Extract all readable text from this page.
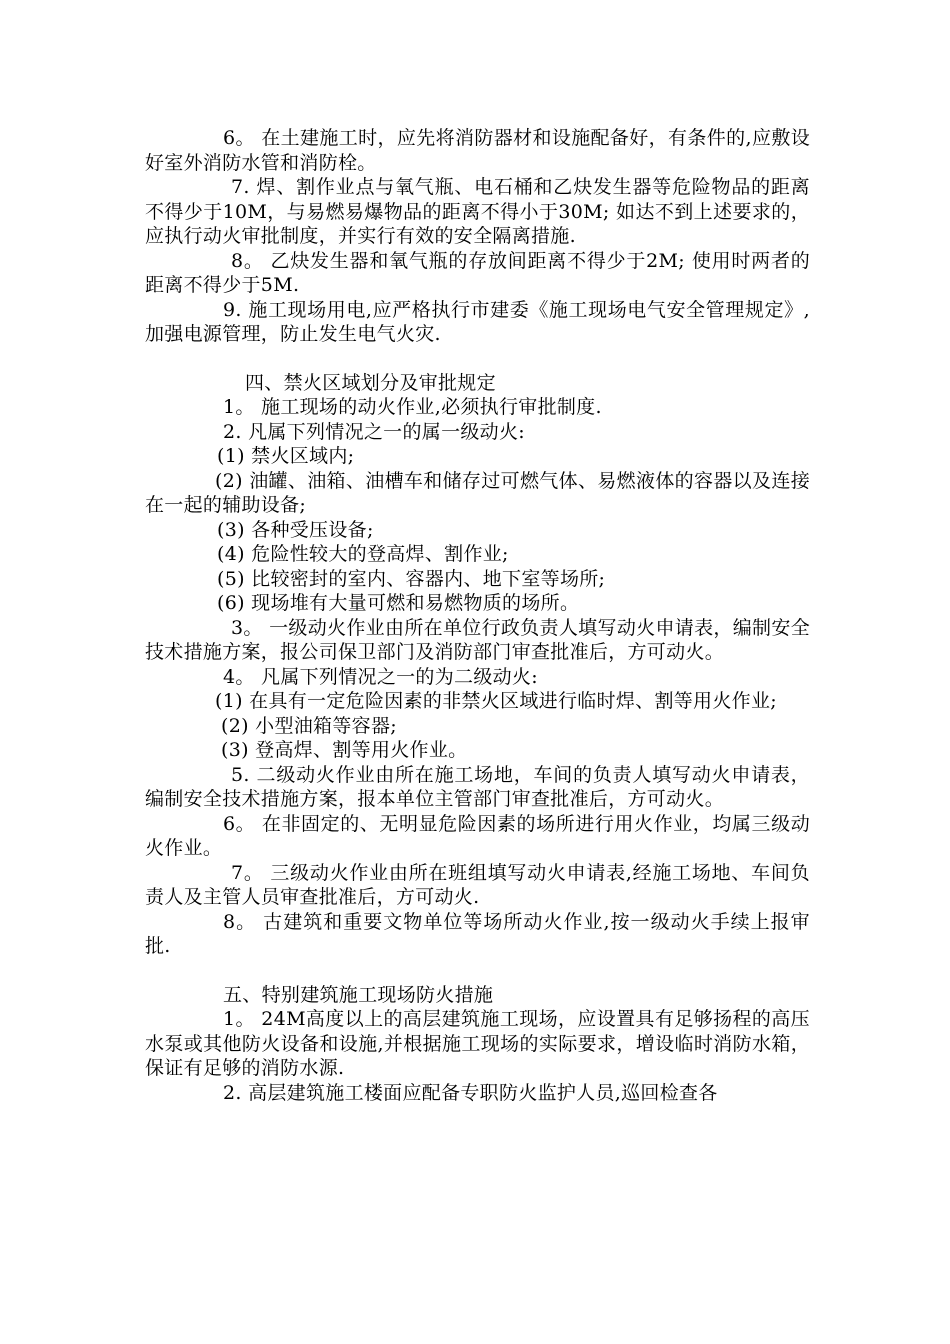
6。 在土建施工时，应先将消防器材和设施配备好，有条件的,应敷设好室外消防水管和消防栓。

7. 焊、割作业点与氧气瓶、电石桶和乙炔发生器等危险物品的距离不得少于10M，与易燃易爆物品的距离不得小于30M; 如达不到上述要求的，应执行动火审批制度，并实行有效的安全隔离措施.

8。 乙炔发生器和氧气瓶的存放间距离不得少于2M; 使用时两者的距离不得少于5M.

9. 施工现场用电,应严格执行市建委《施工现场电气安全管理规定》,加强电源管理，防止发生电气火灾.

四、禁火区域划分及审批规定

1。 施工现场的动火作业,必须执行审批制度.

2. 凡属下列情况之一的属一级动火:

(1) 禁火区域内;

(2) 油罐、油箱、油槽车和储存过可燃气体、易燃液体的容器以及连接在一起的辅助设备;

(3) 各种受压设备;

(4) 危险性较大的登高焊、割作业;

(5) 比较密封的室内、容器内、地下室等场所;

(6) 现场堆有大量可燃和易燃物质的场所。

3。 一级动火作业由所在单位行政负责人填写动火申请表，编制安全技术措施方案，报公司保卫部门及消防部门审查批准后，方可动火。

4。 凡属下列情况之一的为二级动火:

(1) 在具有一定危险因素的非禁火区域进行临时焊、割等用火作业;

(2) 小型油箱等容器;

(3) 登高焊、割等用火作业。

5. 二级动火作业由所在施工场地，车间的负责人填写动火申请表，编制安全技术措施方案，报本单位主管部门审查批准后，方可动火。

6。 在非固定的、无明显危险因素的场所进行用火作业，均属三级动火作业。

7。 三级动火作业由所在班组填写动火申请表,经施工场地、车间负责人及主管人员审查批准后，方可动火.

8。 古建筑和重要文物单位等场所动火作业,按一级动火手续上报审批.

五、特别建筑施工现场防火措施

1。 24M高度以上的高层建筑施工现场，应设置具有足够扬程的高压水泵或其他防火设备和设施,并根据施工现场的实际要求，增设临时消防水箱，保证有足够的消防水源.

2. 高层建筑施工楼面应配备专职防火监护人员,巡回检查各
